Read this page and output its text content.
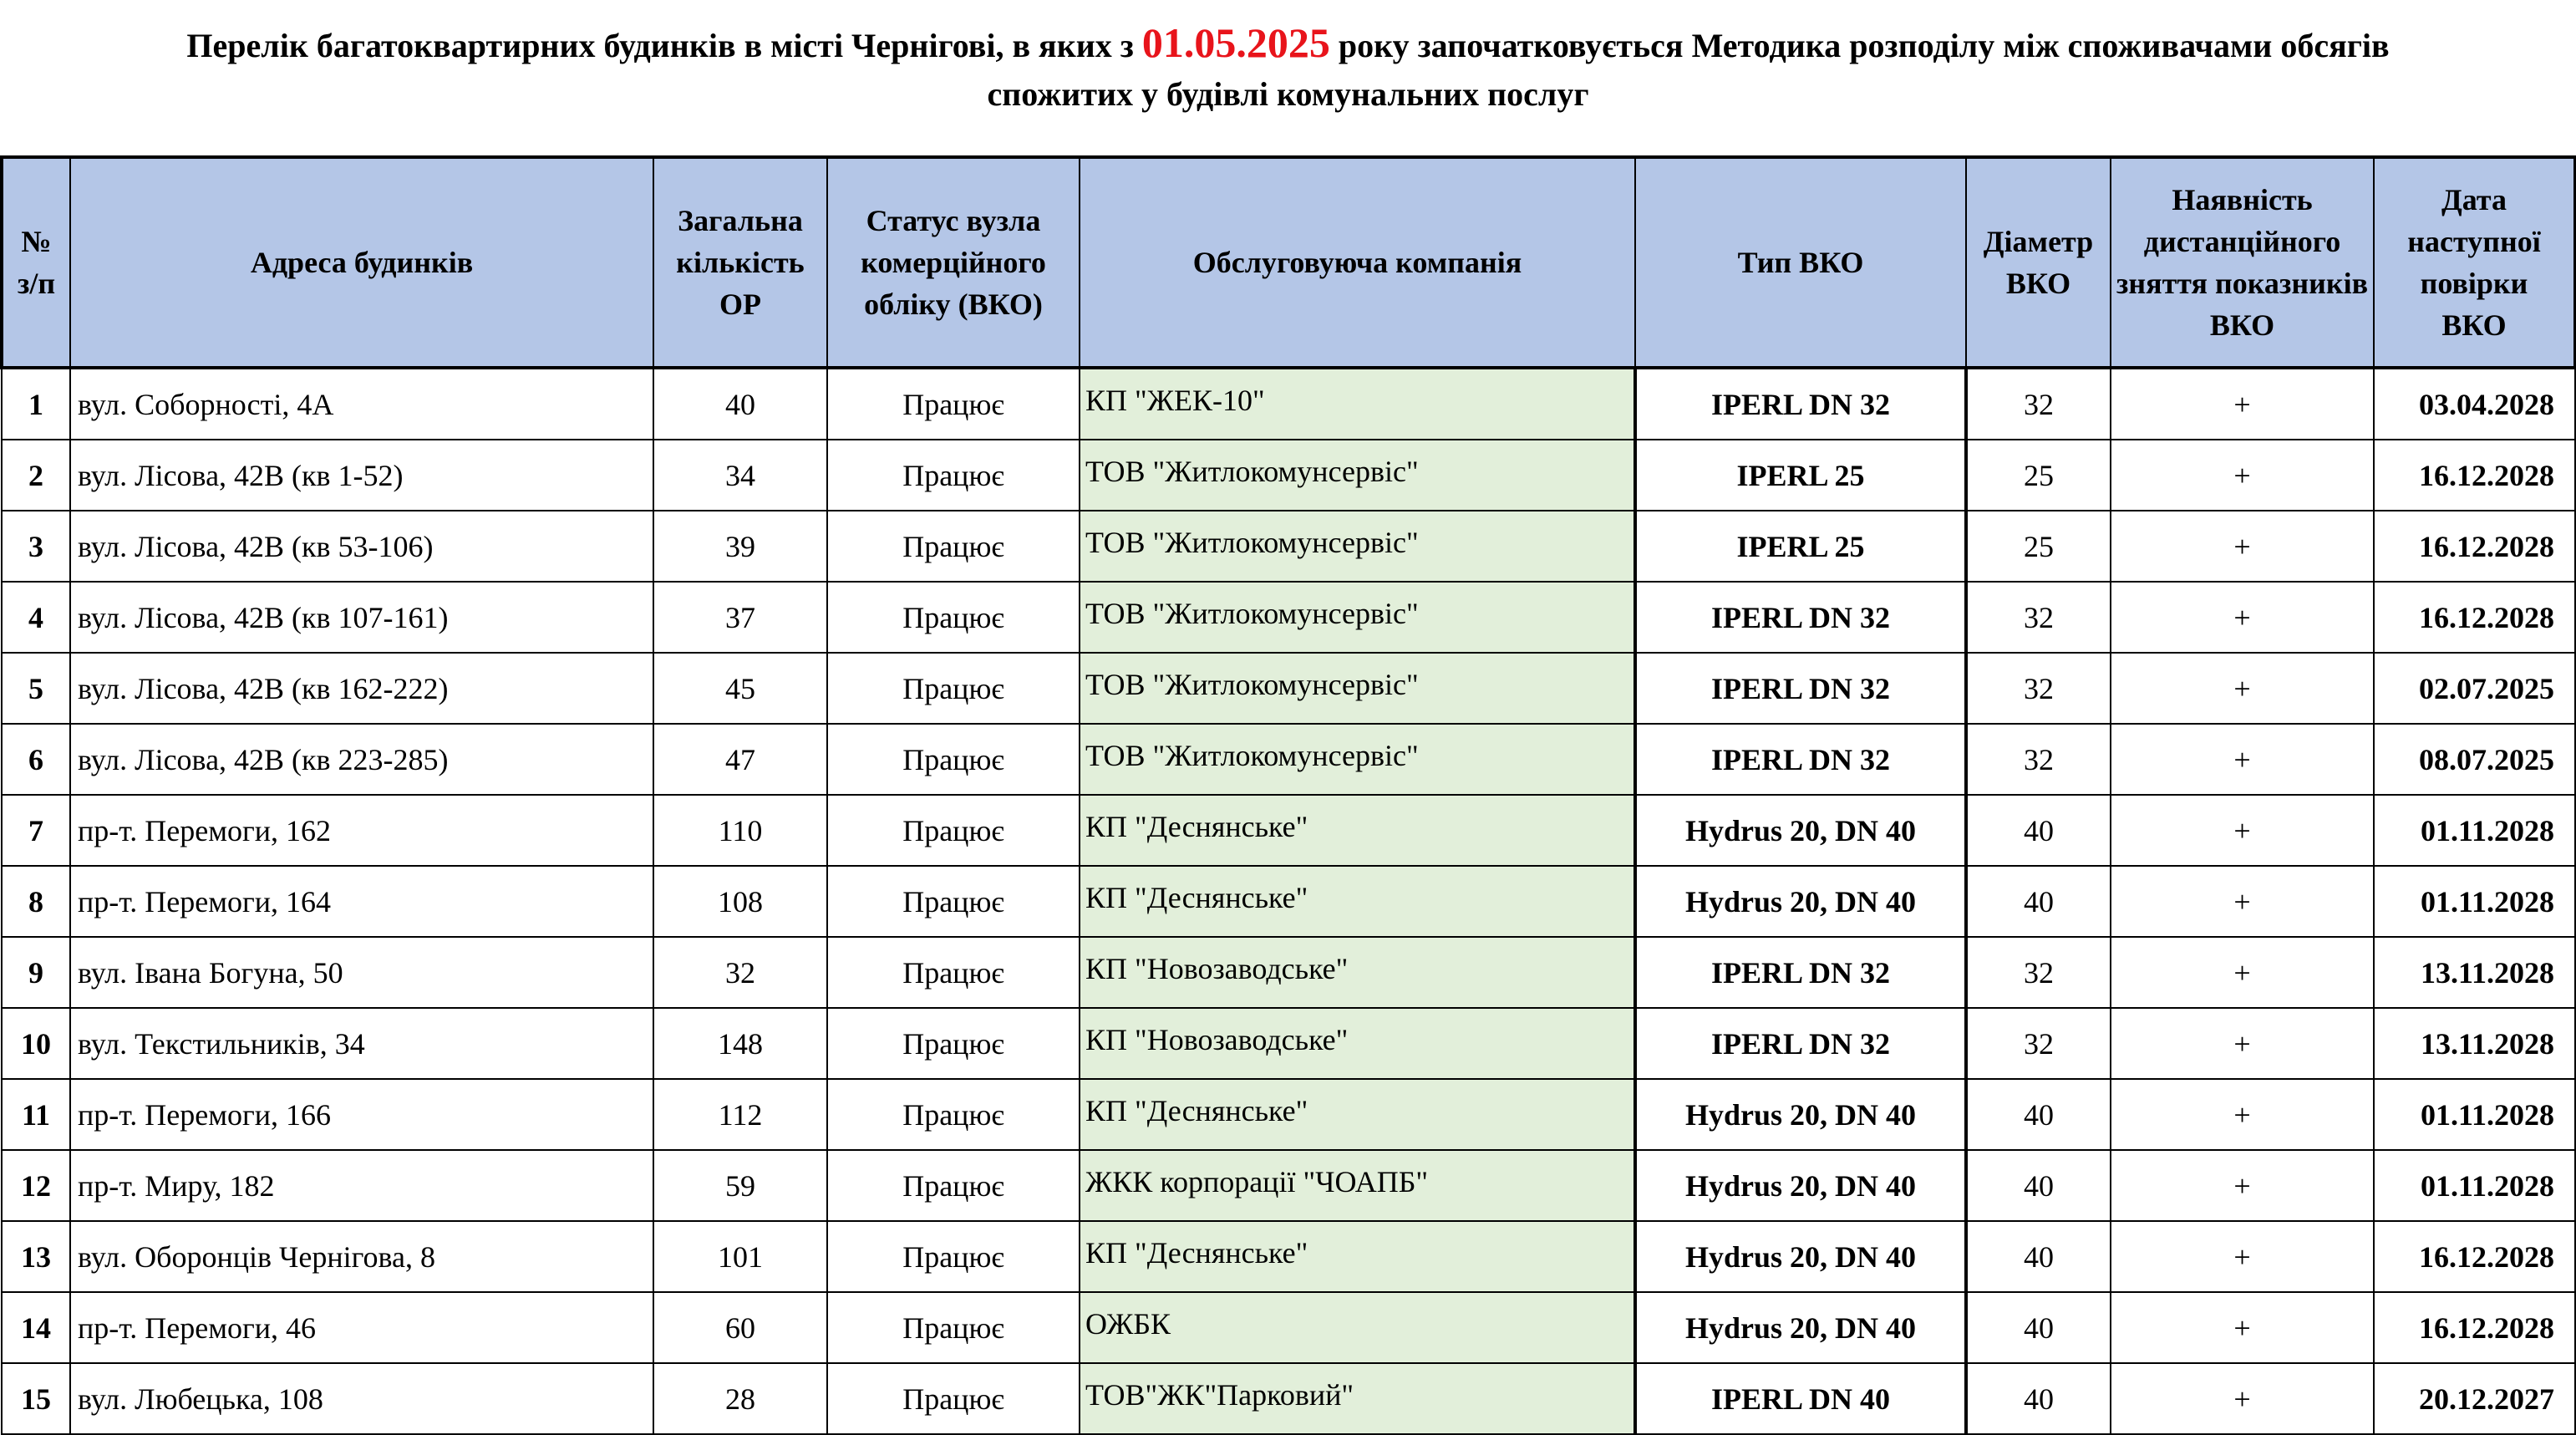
Перелік багатоквартирних будинків в місті Чернігові, в яких з 01.05.2025 року започатковується Методика розподілу між споживачами обсягів
спожитих у будівлі комунальних послуг
№ з/п	Адреса будинків	Загальна кількість ОР	Статус вузла комерційного обліку (ВКО)	Обслуговуюча компанія	Тип ВКО	Діаметр ВКО	Наявність дистанційного зняття показників ВКО	Дата наступної повірки ВКО
1	вул. Соборності, 4А	40	Працює	КП "ЖЕК-10"	IPERL DN 32	32	+	03.04.2028
2	вул. Лісова, 42В (кв 1-52)	34	Працює	ТОВ "Житлокомунсервіс"	IPERL 25	25	+	16.12.2028
3	вул. Лісова, 42В (кв 53-106)	39	Працює	ТОВ "Житлокомунсервіс"	IPERL 25	25	+	16.12.2028
4	вул. Лісова, 42В (кв 107-161)	37	Працює	ТОВ "Житлокомунсервіс"	IPERL DN 32	32	+	16.12.2028
5	вул. Лісова, 42В (кв 162-222)	45	Працює	ТОВ "Житлокомунсервіс"	IPERL DN 32	32	+	02.07.2025
6	вул. Лісова, 42В (кв 223-285)	47	Працює	ТОВ "Житлокомунсервіс"	IPERL DN 32	32	+	08.07.2025
7	пр-т. Перемоги, 162	110	Працює	КП "Деснянське"	Hydrus 20, DN 40	40	+	01.11.2028
8	пр-т. Перемоги, 164	108	Працює	КП "Деснянське"	Hydrus 20, DN 40	40	+	01.11.2028
9	вул. Івана Богуна, 50	32	Працює	КП "Новозаводське"	IPERL DN 32	32	+	13.11.2028
10	вул. Текстильників, 34	148	Працює	КП "Новозаводське"	IPERL DN 32	32	+	13.11.2028
11	пр-т. Перемоги, 166	112	Працює	КП "Деснянське"	Hydrus 20, DN 40	40	+	01.11.2028
12	пр-т. Миру, 182	59	Працює	ЖКК корпорації "ЧОАПБ"	Hydrus 20, DN 40	40	+	01.11.2028
13	вул. Оборонців Чернігова, 8	101	Працює	КП "Деснянське"	Hydrus 20, DN 40	40	+	16.12.2028
14	пр-т. Перемоги, 46	60	Працює	ОЖБК	Hydrus 20, DN 40	40	+	16.12.2028
15	вул. Любецька, 108	28	Працює	ТОВ"ЖК"Парковий"	IPERL DN 40	40	+	20.12.2027
